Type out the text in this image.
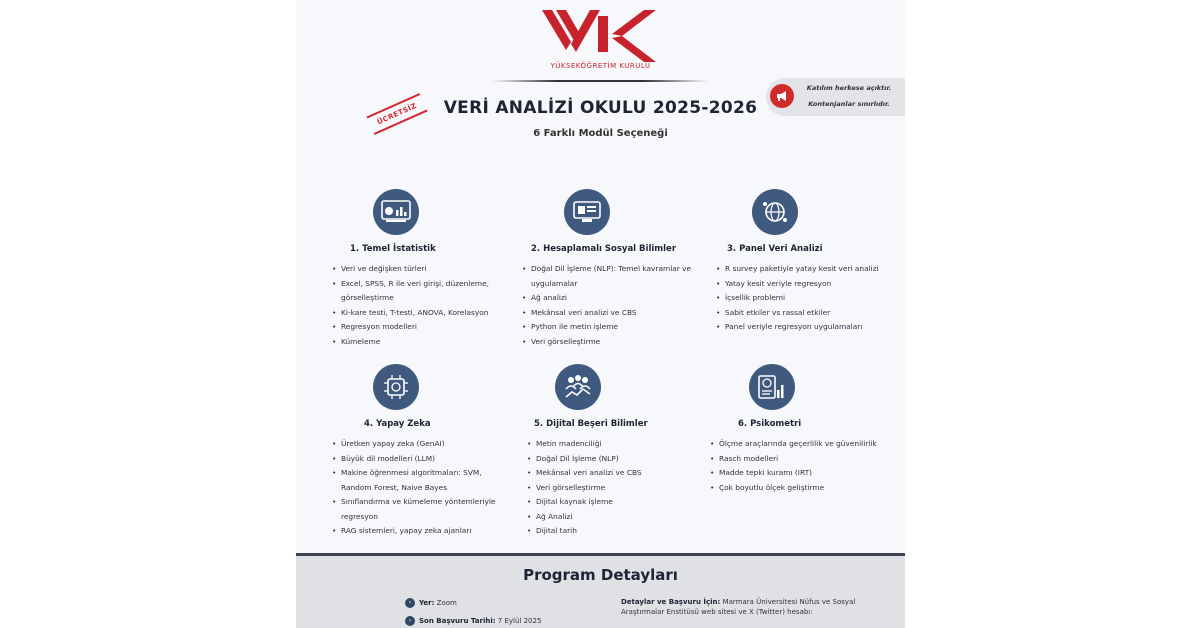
YÜKSEKÖĞRETİM KURULU
ÜCRETSİZ	VERİ ANALİZİ OKULU 2025-2026
6 Farklı Modül Seçeneği
Katılım herkese açıktır.
Kontenjanlar sınırlıdır.
1. Temel İstatistik
• Veri ve değişken türleri
• Excel, SPSS, R ile veri girişi, düzenleme, görselleştirme
• Ki-kare testi, T-testi, ANOVA, Korelasyon
• Regresyon modelleri
• Kümeleme
2. Hesaplamalı Sosyal Bilimler
• Doğal Dil İşleme (NLP): Temel kavramlar ve uygulamalar
• Ağ analizi
• Mekânsal veri analizi ve CBS
• Python ile metin işleme
• Veri görselleştirme
3. Panel Veri Analizi
• R survey paketiyle yatay kesit veri analizi
• Yatay kesit veriyle regresyon
• İçsellik problemi
• Sabit etkiler vs rassal etkiler
• Panel veriyle regresyon uygulamaları
4. Yapay Zeka
• Üretken yapay zeka (GenAI)
• Büyük dil modelleri (LLM)
• Makine öğrenmesi algoritmaları: SVM, Random Forest, Naive Bayes
• Sınıflandırma ve kümeleme yöntemleriyle regresyon
• RAG sistemleri, yapay zeka ajanları
5. Dijital Beşeri Bilimler
• Metin madenciliği
• Doğal Dil İşleme (NLP)
• Mekânsal veri analizi ve CBS
• Veri görselleştirme
• Dijital kaynak işleme
• Ağ Analizi
• Dijital tarih
6. Psikometri
• Ölçme araçlarında geçerlilik ve güvenilirlik
• Rasch modelleri
• Madde tepki kuramı (IRT)
• Çok boyutlu ölçek geliştirme
Program Detayları
›	Yer: Zoom
›	Son Başvuru Tarihi: 7 Eylül 2025
Detaylar ve Başvuru İçin: Marmara Üniversitesi Nüfus ve Sosyal Araştırmalar Enstitüsü web sitesi ve X (Twitter) hesabı:
